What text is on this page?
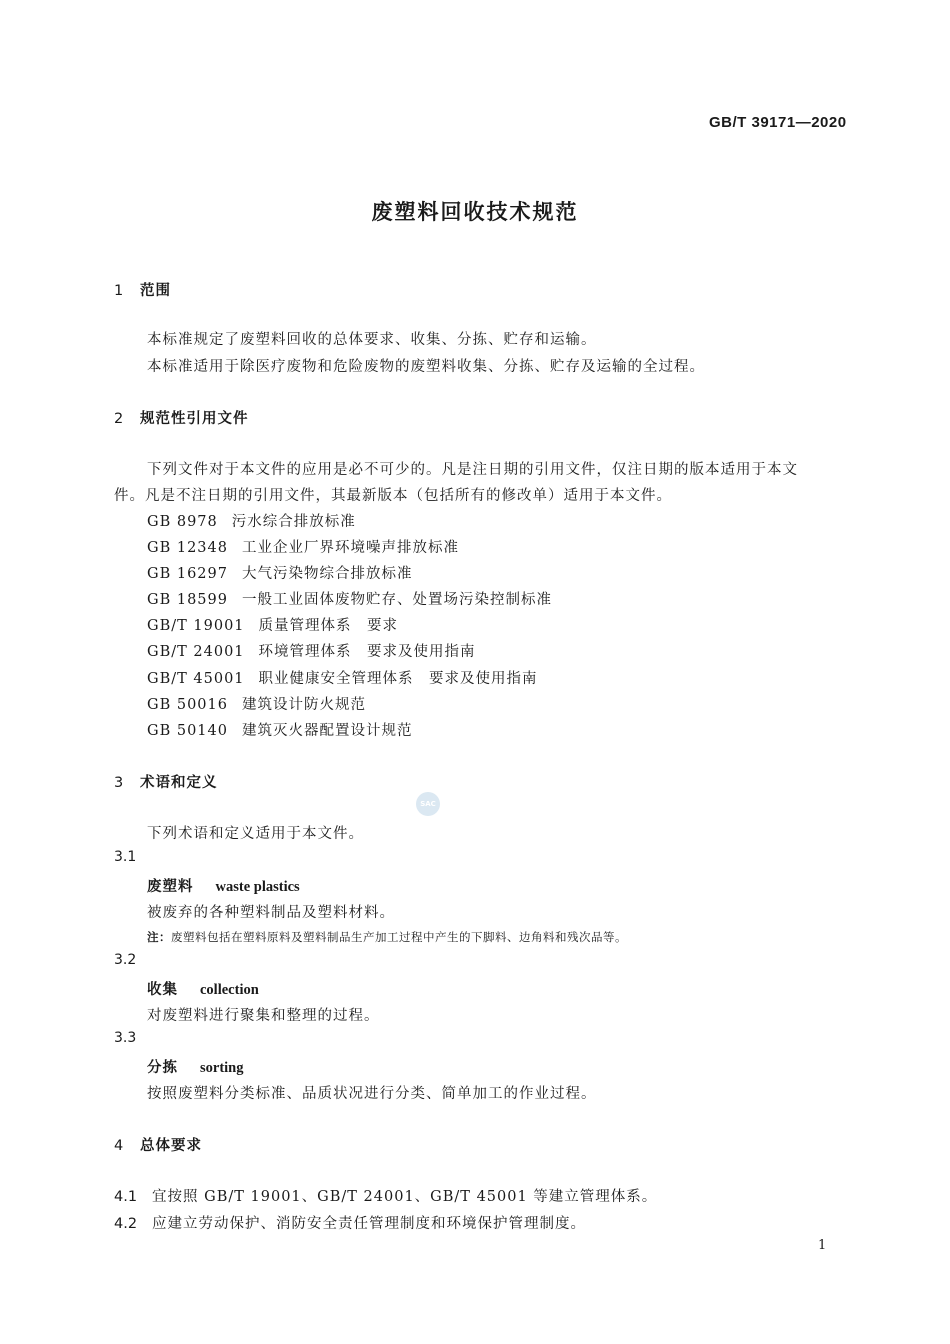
GB/T 39171—2020
废塑料回收技术规范
1 范围
本标准规定了废塑料回收的总体要求、收集、分拣、贮存和运输。
本标准适用于除医疗废物和危险废物的废塑料收集、分拣、贮存及运输的全过程。
2 规范性引用文件
下列文件对于本文件的应用是必不可少的。凡是注日期的引用文件，仅注日期的版本适用于本文
件。凡是不注日期的引用文件，其最新版本（包括所有的修改单）适用于本文件。
GB 8978 污水综合排放标准
GB 12348 工业企业厂界环境噪声排放标准
GB 16297 大气污染物综合排放标准
GB 18599 一般工业固体废物贮存、处置场污染控制标准
GB/T 19001 质量管理体系　要求
GB/T 24001 环境管理体系　要求及使用指南
GB/T 45001 职业健康安全管理体系　要求及使用指南
GB 50016 建筑设计防火规范
GB 50140 建筑灭火器配置设计规范
3 术语和定义
SAC
下列术语和定义适用于本文件。
3.1
废塑料 waste plastics
被废弃的各种塑料制品及塑料材料。
注：废塑料包括在塑料原料及塑料制品生产加工过程中产生的下脚料、边角料和残次品等。
3.2
收集 collection
对废塑料进行聚集和整理的过程。
3.3
分拣 sorting
按照废塑料分类标准、品质状况进行分类、简单加工的作业过程。
4 总体要求
4.1 宜按照 GB/T 19001、GB/T 24001、GB/T 45001 等建立管理体系。
4.2 应建立劳动保护、消防安全责任管理制度和环境保护管理制度。
1
